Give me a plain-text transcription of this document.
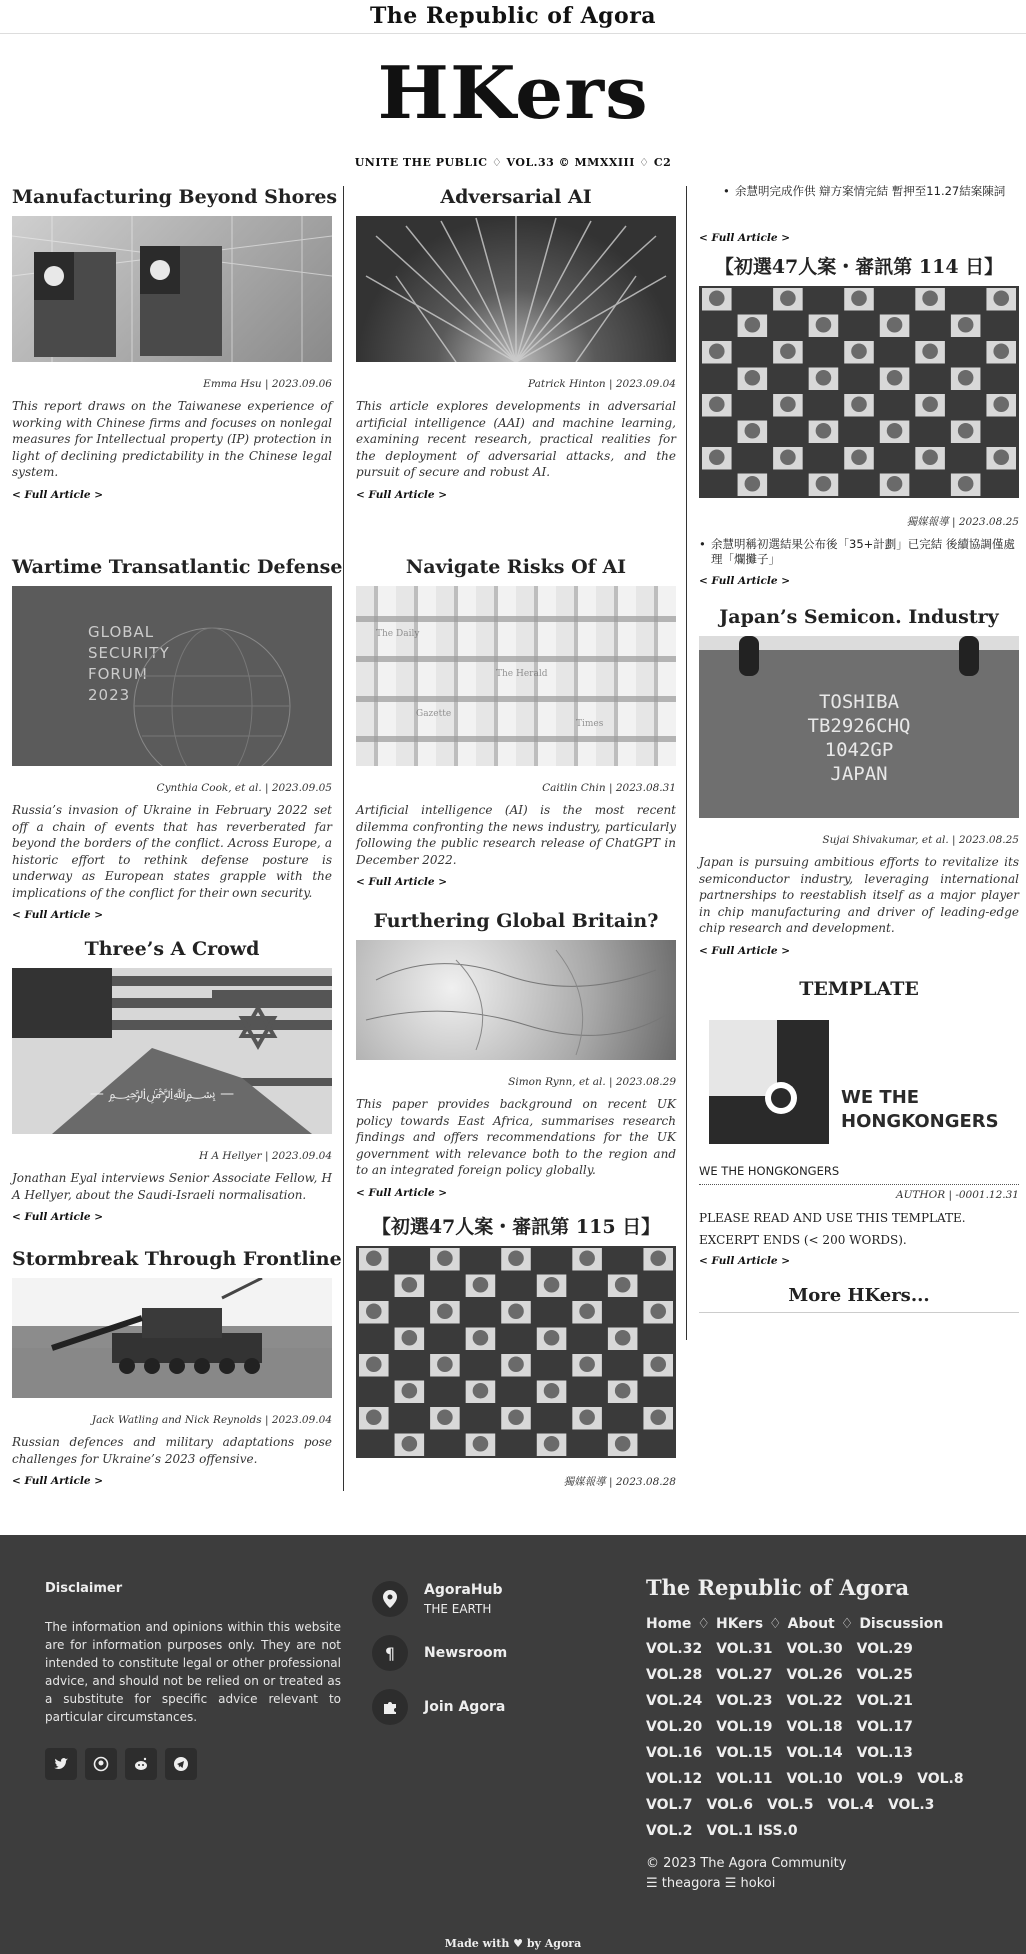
The Republic of Agora
HKers
UNITE THE PUBLIC ♢ VOL.33 © MMXXIII ♢ C2
Manufacturing Beyond Shores
Emma Hsu | 2023.09.06
This report draws on the Taiwanese experience of working with Chinese firms and focuses on nonlegal measures for Intellectual property (IP) protection in light of declining predictability in the Chinese legal system.
< Full Article >
Wartime Transatlantic Defense
GLOBAL
SECURITY
FORUM
2023
Cynthia Cook, et al. | 2023.09.05
Russia’s invasion of Ukraine in February 2022 set off a chain of events that has reverberated far beyond the borders of the conflict. Across Europe, a historic effort to rethink defense posture is underway as European states grapple with the implications of the conflict for their own security.
< Full Article >
Three’s A Crowd
— ﷽ —
H A Hellyer | 2023.09.04
Jonathan Eyal interviews Senior Associate Fellow, H A Hellyer, about the Saudi-Israeli normalisation.
< Full Article >
Stormbreak Through Frontline
Jack Watling and Nick Reynolds | 2023.09.04
Russian defences and military adaptations pose challenges for Ukraine’s 2023 offensive.
< Full Article >
Adversarial AI
Patrick Hinton | 2023.09.04
This article explores developments in adversarial artificial intelligence (AAI) and machine learning, examining recent research, practical realities for the deployment of adversarial attacks, and the pursuit of secure and robust AI.
< Full Article >
Navigate Risks Of AI
The Daily
The Herald
Gazette
Times
Caitlin Chin | 2023.08.31
Artificial intelligence (AI) is the most recent dilemma confronting the news industry, particularly following the public research release of ChatGPT in December 2022.
< Full Article >
Furthering Global Britain?
Simon Rynn, et al. | 2023.08.29
This paper provides background on recent UK policy towards East Africa, summarises research findings and offers recommendations for the UK government with relevance both to the region and to an integrated foreign policy globally.
< Full Article >
【初選47人案・審訊第 115 日】
獨媒報導 | 2023.08.28
• 余慧明完成作供 辯方案情完結 暫押至11.27結案陳詞
< Full Article >
【初選47人案・審訊第 114 日】
獨媒報導 | 2023.08.25
• 余慧明稱初選結果公布後「35+計劃」已完結 後續協調僅處理「爛攤子」
< Full Article >
Japan’s Semicon. Industry
TOSHIBA
TB2926CHQ
1042GP
JAPAN
Sujai Shivakumar, et al. | 2023.08.25
Japan is pursuing ambitious efforts to revitalize its semiconductor industry, leveraging international partnerships to reestablish itself as a major player in chip manufacturing and driver of leading-edge chip research and development.
< Full Article >
TEMPLATE
WE THE
HONGKONGERS
WE THE HONGKONGERS
AUTHOR | -0001.12.31
PLEASE READ AND USE THIS TEMPLATE.
EXCERPT ENDS (< 200 WORDS).
< Full Article >
More HKers...
Disclaimer
The information and opinions within this website are for information purposes only. They are not intended to constitute legal or other professional advice, and should not be relied on or treated as a substitute for specific advice relevant to particular circumstances.
AgoraHub
THE EARTH
¶	Newsroom
Join Agora
The Republic of Agora
Home ♢ HKers ♢ About ♢ Discussion
VOL.32 VOL.31 VOL.30 VOL.29VOL.28 VOL.27 VOL.26 VOL.25VOL.24 VOL.23 VOL.22 VOL.21VOL.20 VOL.19 VOL.18 VOL.17VOL.16 VOL.15 VOL.14 VOL.13VOL.12 VOL.11 VOL.10 VOL.9 VOL.8VOL.7 VOL.6 VOL.5 VOL.4 VOL.3VOL.2 VOL.1 ISS.0
© 2023 The Agora Community
☰ theagora ☰ hokoi
Made with ♥ by Agora
